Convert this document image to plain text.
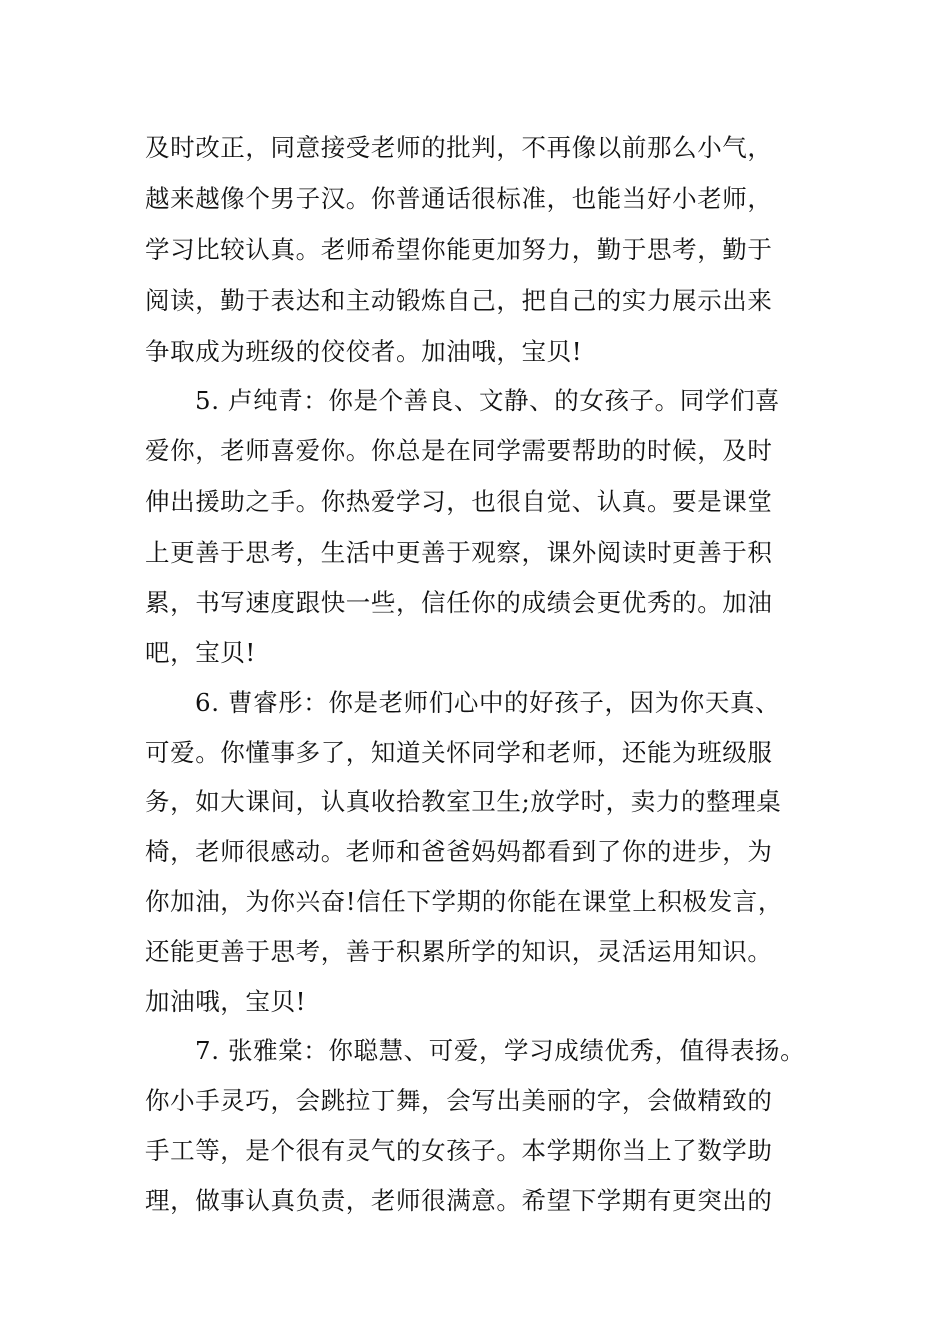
及时改正，同意接受老师的批判，不再像以前那么小气，
越来越像个男子汉。你普通话很标准，也能当好小老师，
学习比较认真。老师希望你能更加努力，勤于思考，勤于
阅读，勤于表达和主动锻炼自己，把自己的实力展示出来
争取成为班级的佼佼者。加油哦，宝贝!
5. 卢纯青：你是个善良、文静、的女孩子。同学们喜
爱你，老师喜爱你。你总是在同学需要帮助的时候，及时
伸出援助之手。你热爱学习，也很自觉、认真。要是课堂
上更善于思考，生活中更善于观察，课外阅读时更善于积
累，书写速度跟快一些，信任你的成绩会更优秀的。加油
吧，宝贝!
6. 曹睿彤：你是老师们心中的好孩子，因为你天真、
可爱。你懂事多了，知道关怀同学和老师，还能为班级服
务，如大课间，认真收拾教室卫生;放学时，卖力的整理桌
椅，老师很感动。老师和爸爸妈妈都看到了你的进步，为
你加油，为你兴奋!信任下学期的你能在课堂上积极发言，
还能更善于思考，善于积累所学的知识，灵活运用知识。
加油哦，宝贝!
7. 张雅棠：你聪慧、可爱，学习成绩优秀，值得表扬。
你小手灵巧，会跳拉丁舞，会写出美丽的字，会做精致的
手工等，是个很有灵气的女孩子。本学期你当上了数学助
理，做事认真负责，老师很满意。希望下学期有更突出的
